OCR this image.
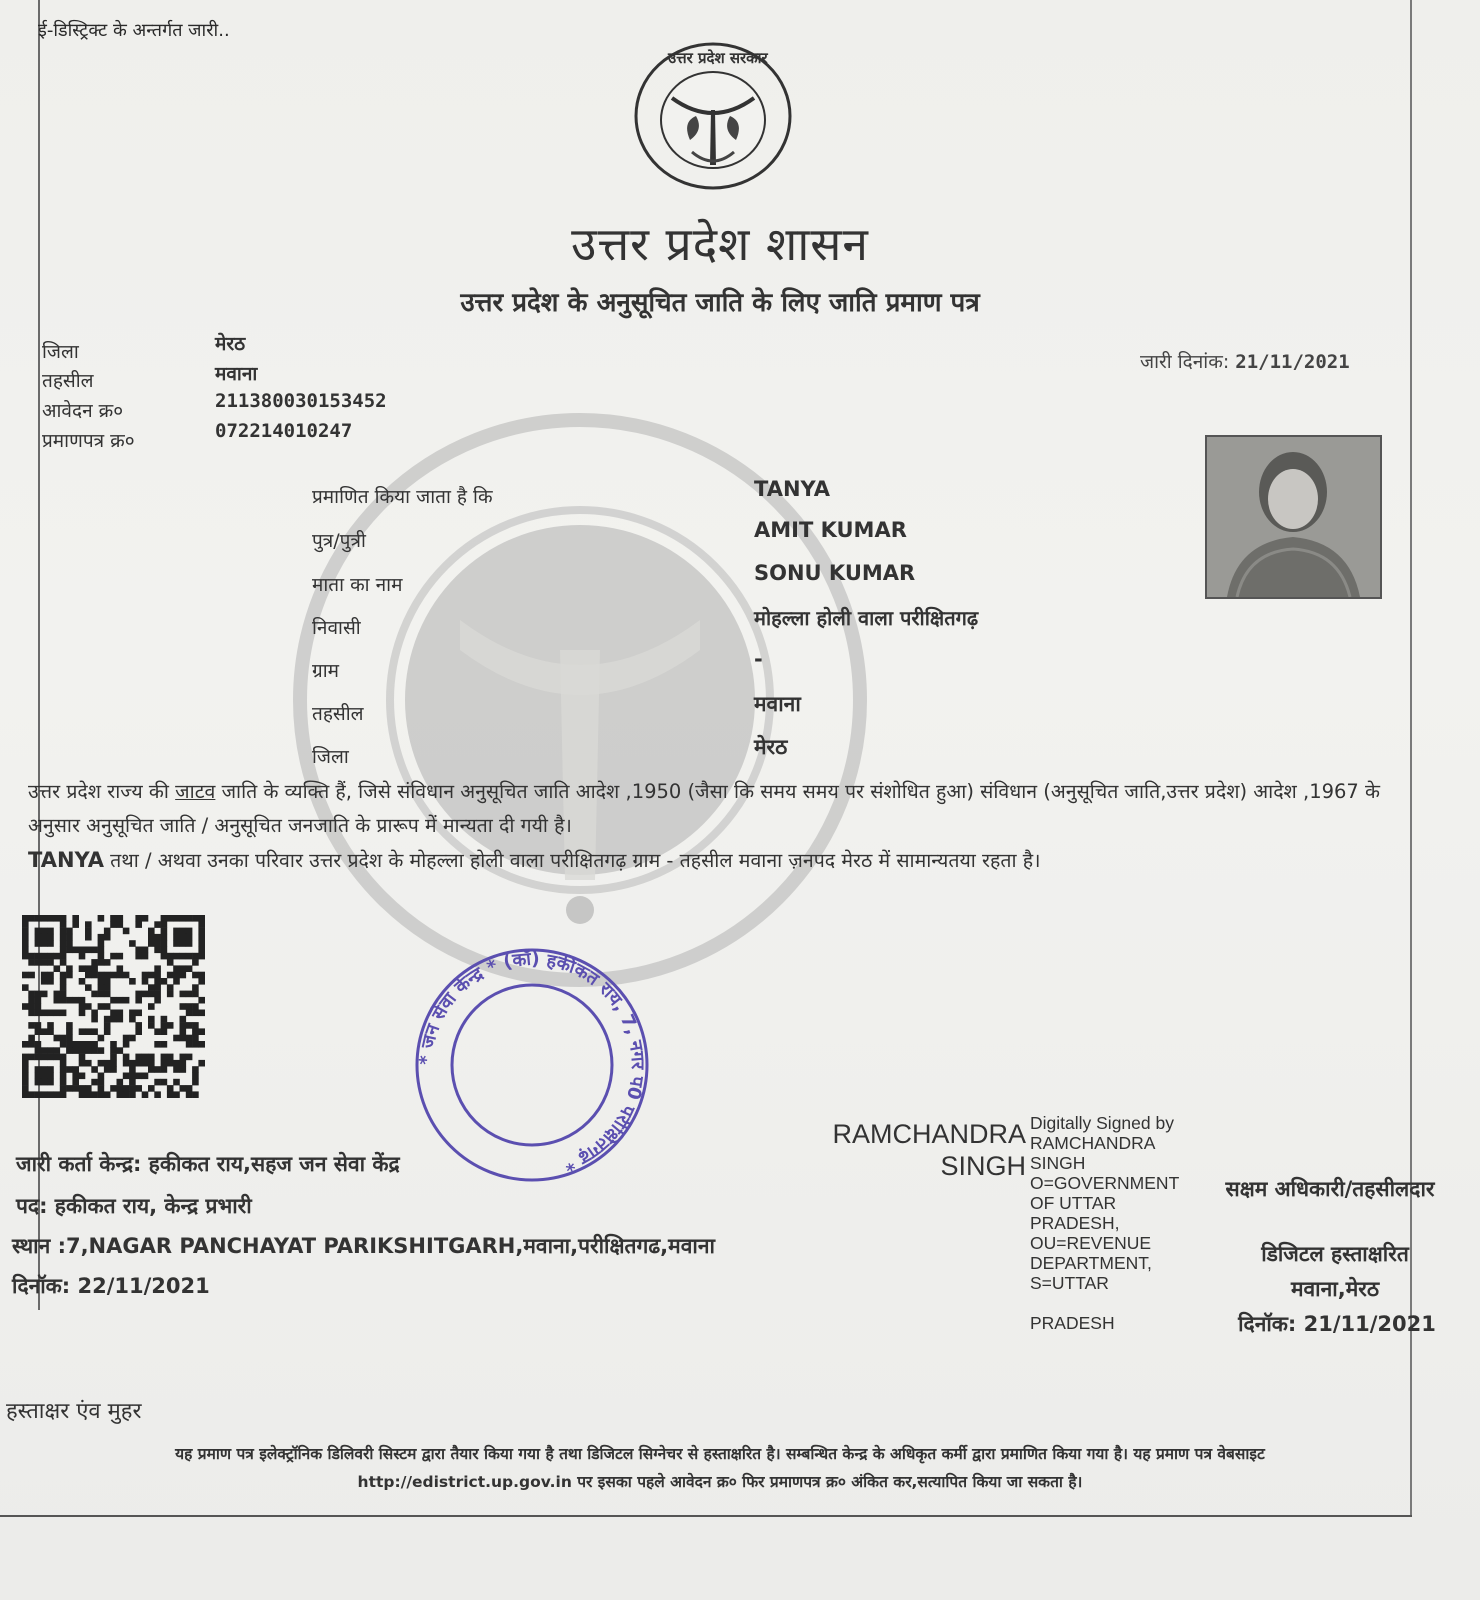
ई-डिस्ट्रिक्ट के अन्तर्गत जारी..
उत्तर प्रदेश सरकार
उत्तर प्रदेश शासन
उत्तर प्रदेश के अनुसूचित जाति के लिए जाति प्रमाण पत्र
जिला	मेरठ
तहसील	मवाना
आवेदन क्र०	211380030153452
प्रमाणपत्र क्र०	072214010247
जारी दिनांक: 21/11/2021
प्रमाणित किया जाता है कि	TANYA
पुत्र/पुत्री	AMIT KUMAR
माता का नाम	SONU KUMAR
निवासी	मोहल्ला होली वाला परीक्षितगढ़
ग्राम	-
तहसील	मवाना
जिला	मेरठ
उत्तर प्रदेश राज्य की जाटव जाति के व्यक्ति हैं, जिसे संविधान अनुसूचित जाति आदेश ,1950 (जैसा कि समय समय पर संशोधित हुआ) संविधान (अनुसूचित जाति,उत्तर प्रदेश) आदेश ,1967 के अनुसार अनुसूचित जाति / अनुसूचित जनजाति के प्रारूप में मान्यता दी गयी है।
TANYA तथा / अथवा उनका परिवार उत्तर प्रदेश के मोहल्ला होली वाला परीक्षितगढ़ ग्राम - तहसील मवाना ज़नपद मेरठ में सामान्यतया रहता है।
* जन सेवा केन्द्र * (कॉ) हकीकत राय, 7, नगर प0 परीक्षितगढ़ *
जारी कर्ता केन्द्र: हकीकत राय,सहज जन सेवा केंद्र
पद: हकीकत राय, केन्द्र प्रभारी
स्थान :7,NAGAR PANCHAYAT PARIKSHITGARH,मवाना,परीक्षितगढ,मवाना
दिनॉक: 22/11/2021
RAMCHANDRA
SINGH
Digitally Signed by
RAMCHANDRA
SINGH
O=GOVERNMENT
OF UTTAR
PRADESH,
OU=REVENUE
DEPARTMENT,
S=UTTAR

PRADESH
सक्षम अधिकारी/तहसीलदार
डिजिटल हस्ताक्षरित
मवाना,मेरठ
दिनॉक: 21/11/2021
हस्ताक्षर एंव मुहर
यह प्रमाण पत्र इलेक्ट्रॉनिक डिलिवरी सिस्टम द्वारा तैयार किया गया है तथा डिजिटल सिग्नेचर से हस्ताक्षरित है। सम्बन्धित केन्द्र के अधिकृत कर्मी द्वारा प्रमाणित किया गया है। यह प्रमाण पत्र वेबसाइट
http://edistrict.up.gov.in पर इसका पहले आवेदन क्र० फिर प्रमाणपत्र क्र० अंकित कर,सत्यापित किया जा सकता है।
